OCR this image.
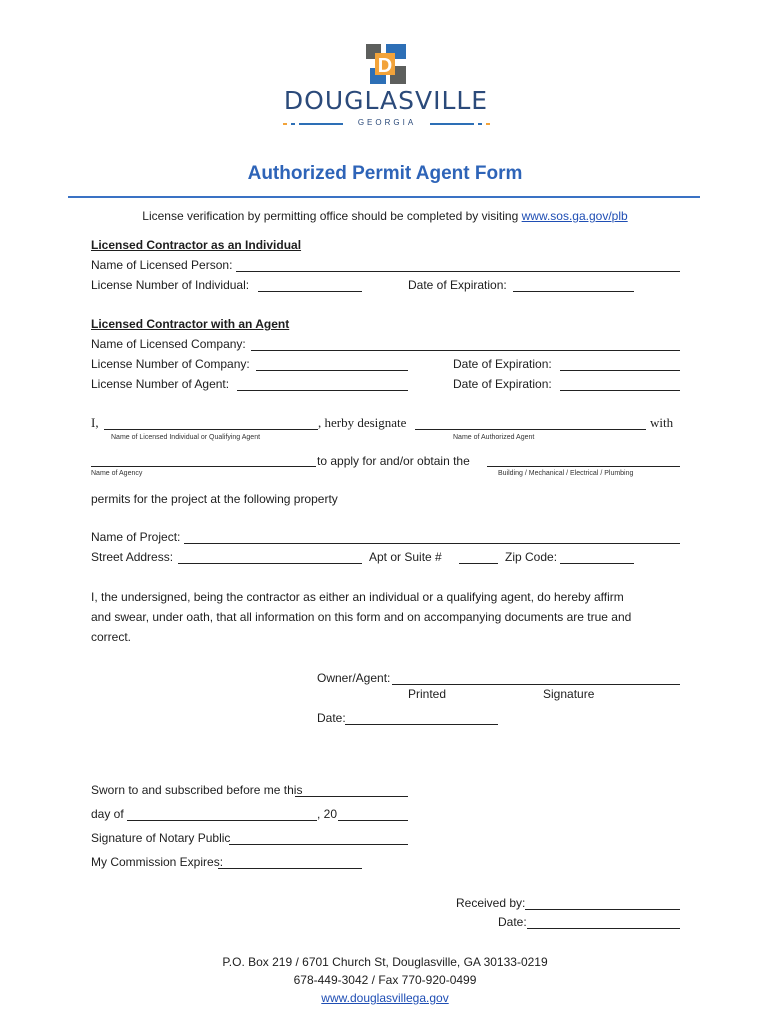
D
DOUGLASVILLE
GEORGIA
Authorized Permit Agent Form
License verification by permitting office should be completed by visiting www.sos.ga.gov/plb
Licensed Contractor as an Individual
Name of Licensed Person:
License Number of Individual:	Date of Expiration:
Licensed Contractor with an Agent
Name of Licensed Company:
License Number of Company:	Date of Expiration:
License Number of Agent:	Date of Expiration:
I,	, herby designate	with
Name of Licensed Individual or Qualifying Agent	Name of Authorized Agent
to apply for and/or obtain the
Name of Agency	Building / Mechanical / Electrical / Plumbing
permits for the project at the following property
Name of Project:
Street Address:	Apt or Suite #	Zip Code:
I, the undersigned, being the contractor as either an individual or a qualifying agent, do hereby affirm
and swear, under oath, that all information on this form and on accompanying documents are true and
correct.
Owner/Agent:
Printed	Signature
Date:
Sworn to and subscribed before me this
day of	, 20
Signature of Notary Public
My Commission Expires:
Received by:
Date:
P.O. Box 219 / 6701 Church St, Douglasville, GA 30133-0219
678-449-3042 / Fax 770-920-0499
www.douglasvillega.gov
